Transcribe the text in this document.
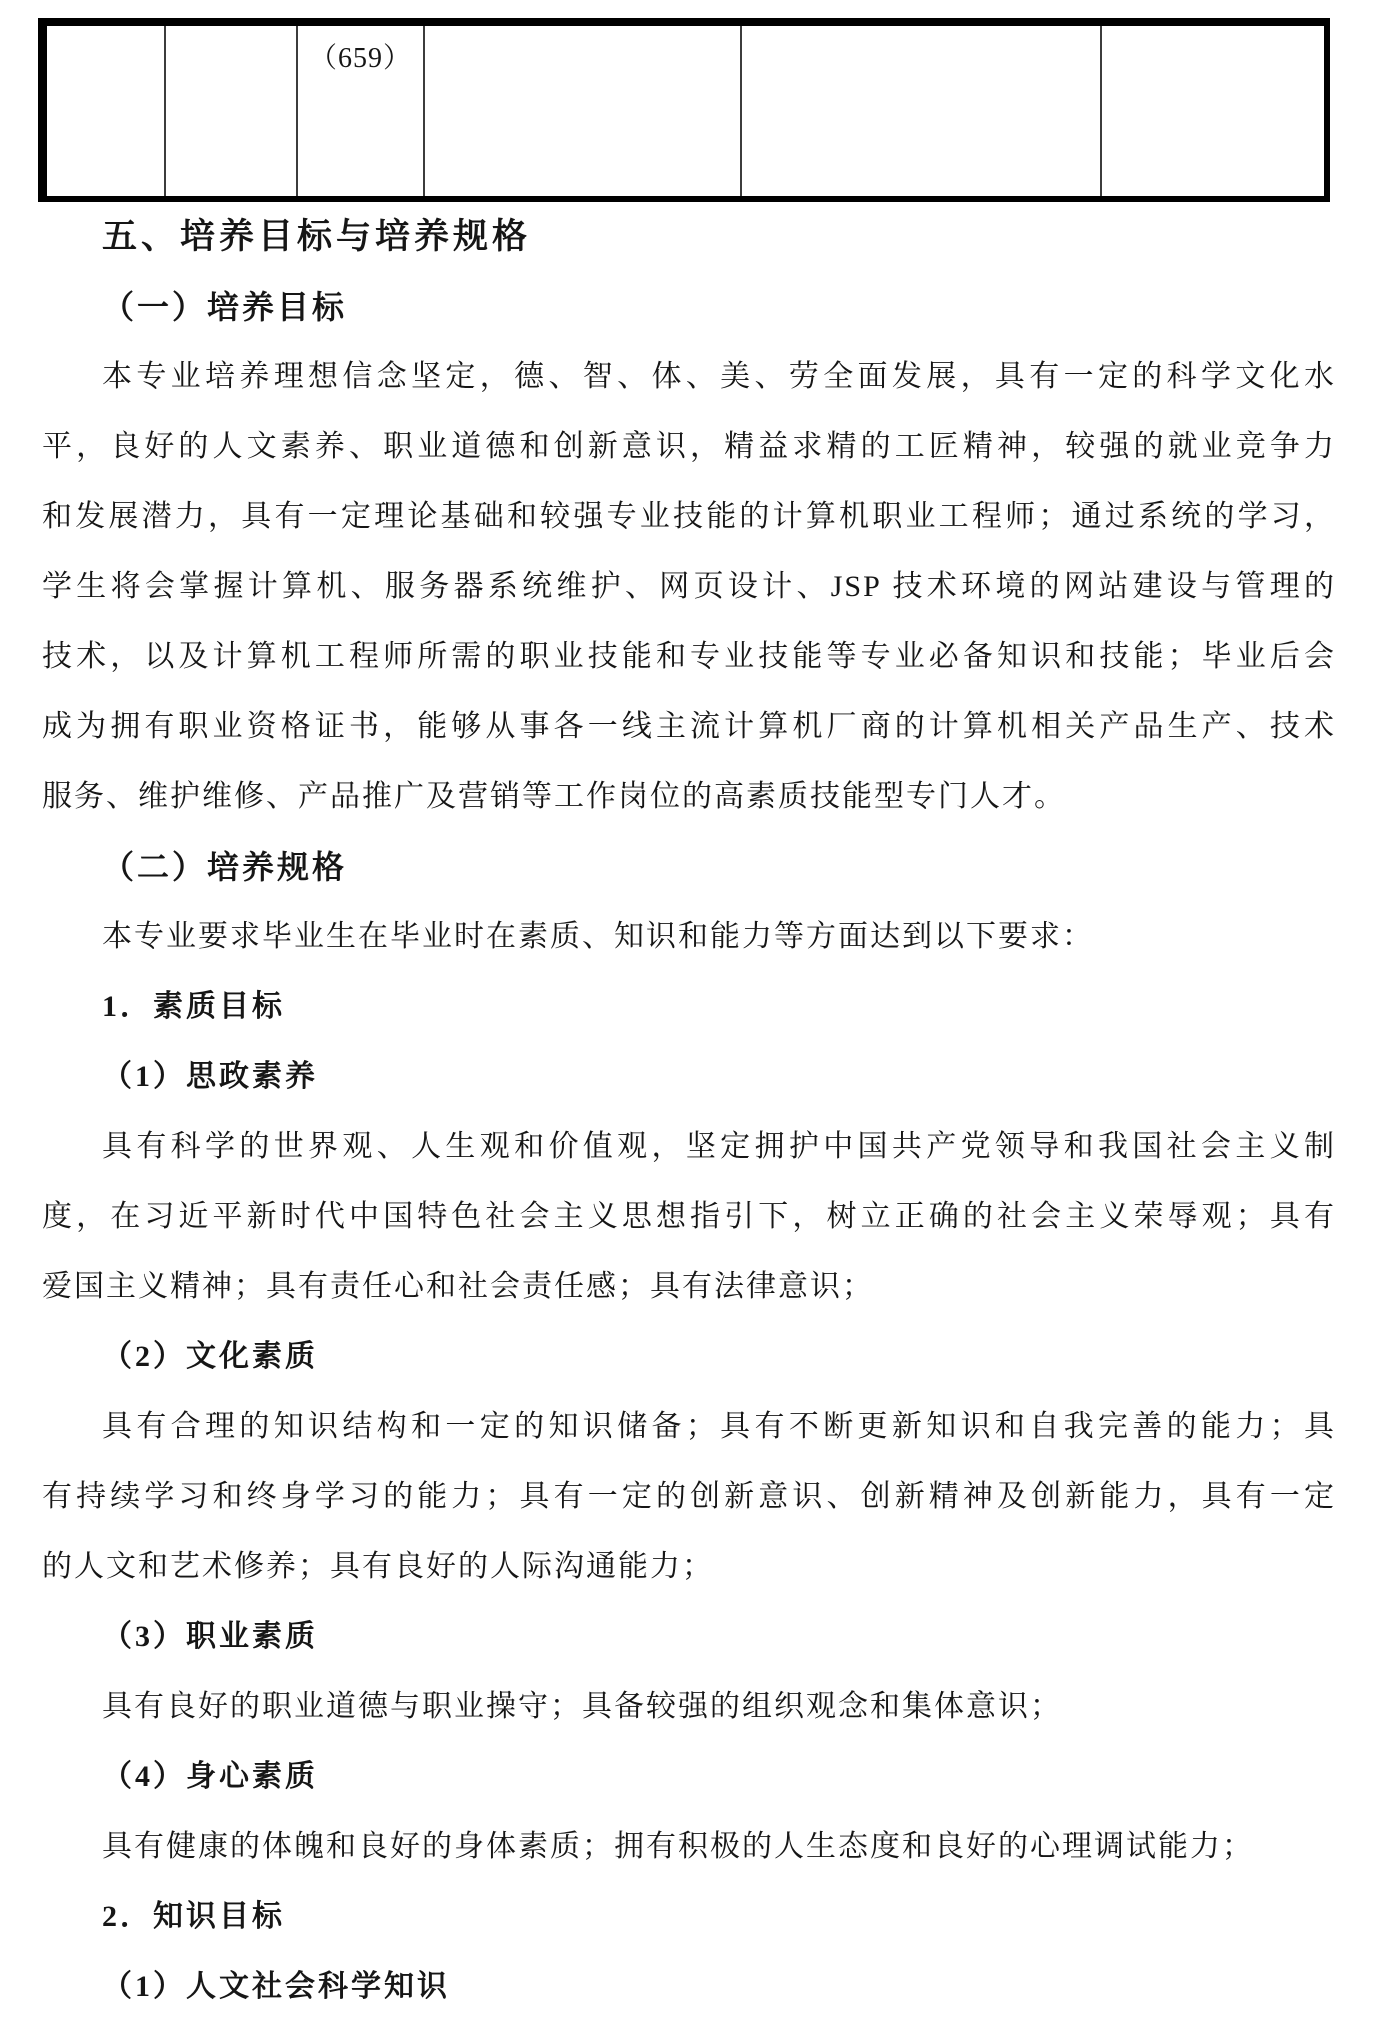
（659）
五、培养目标与培养规格
（一）培养目标
本专业培养理想信念坚定，德、智、体、美、劳全面发展，具有一定的科学文化水
平，良好的人文素养、职业道德和创新意识，精益求精的工匠精神，较强的就业竞争力
和发展潜力，具有一定理论基础和较强专业技能的计算机职业工程师；通过系统的学习，
学生将会掌握计算机、服务器系统维护、网页设计、JSP 技术环境的网站建设与管理的
技术，以及计算机工程师所需的职业技能和专业技能等专业必备知识和技能；毕业后会
成为拥有职业资格证书，能够从事各一线主流计算机厂商的计算机相关产品生产、技术
服务、维护维修、产品推广及营销等工作岗位的高素质技能型专门人才。
（二）培养规格
本专业要求毕业生在毕业时在素质、知识和能力等方面达到以下要求：
1．素质目标
（1）思政素养
具有科学的世界观、人生观和价值观，坚定拥护中国共产党领导和我国社会主义制
度，在习近平新时代中国特色社会主义思想指引下，树立正确的社会主义荣辱观；具有
爱国主义精神；具有责任心和社会责任感；具有法律意识；
（2）文化素质
具有合理的知识结构和一定的知识储备；具有不断更新知识和自我完善的能力；具
有持续学习和终身学习的能力；具有一定的创新意识、创新精神及创新能力，具有一定
的人文和艺术修养；具有良好的人际沟通能力；
（3）职业素质
具有良好的职业道德与职业操守；具备较强的组织观念和集体意识；
（4）身心素质
具有健康的体魄和良好的身体素质；拥有积极的人生态度和良好的心理调试能力；
2．知识目标
（1）人文社会科学知识
